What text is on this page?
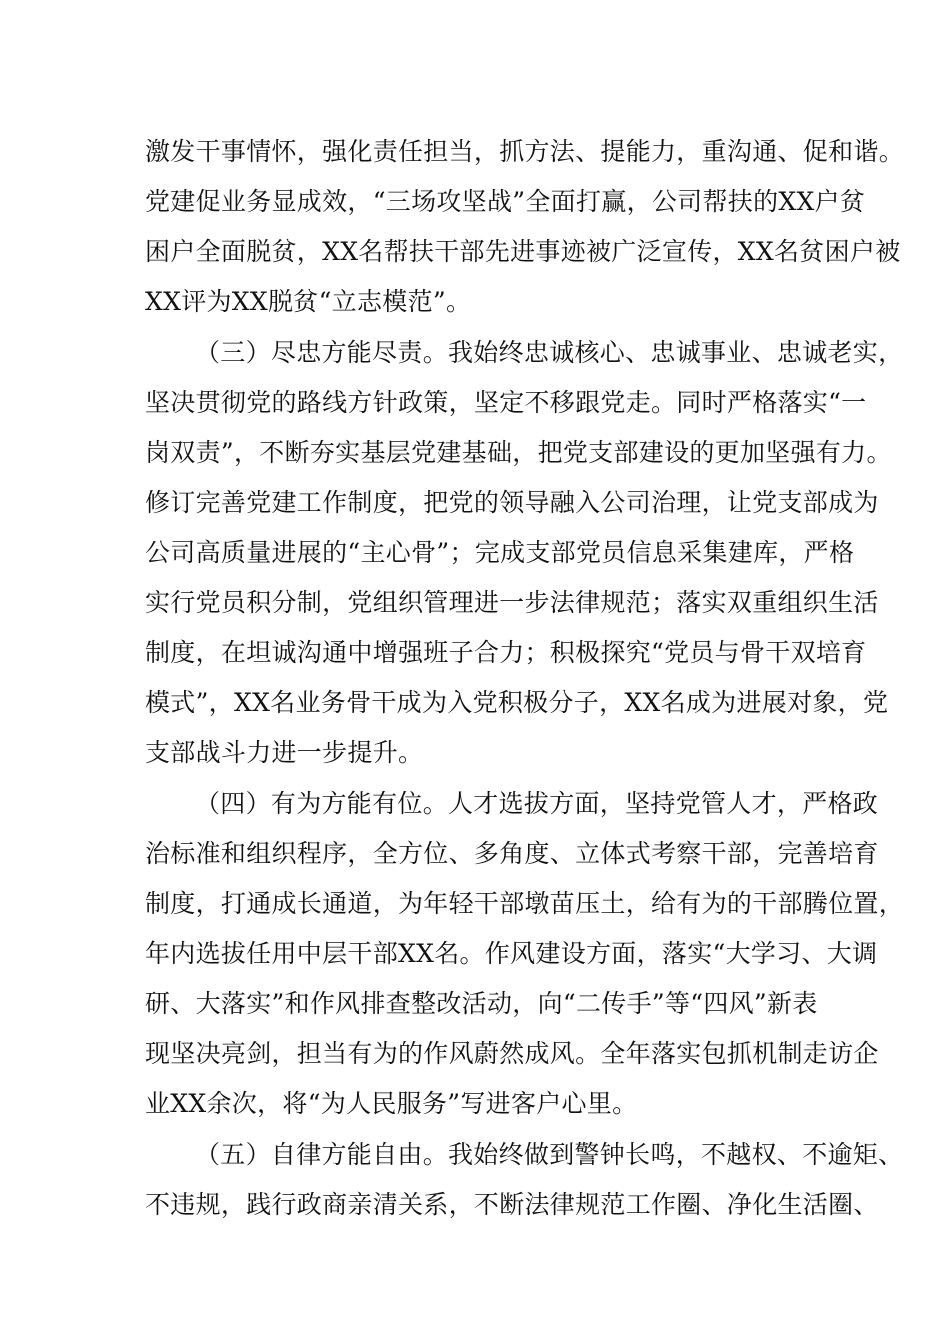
激发干事情怀，强化责任担当，抓方法、提能力，重沟通、促和谐。
党建促业务显成效，“三场攻坚战”全面打赢，公司帮扶的XX户贫
困户全面脱贫，XX名帮扶干部先进事迹被广泛宣传，XX名贫困户被
XX评为XX脱贫“立志模范”。
（三）尽忠方能尽责。我始终忠诚核心、忠诚事业、忠诚老实，
坚决贯彻党的路线方针政策，坚定不移跟党走。同时严格落实“一
岗双责”，不断夯实基层党建基础，把党支部建设的更加坚强有力。
修订完善党建工作制度，把党的领导融入公司治理，让党支部成为
公司高质量进展的“主心骨”；完成支部党员信息采集建库，严格
实行党员积分制，党组织管理进一步法律规范；落实双重组织生活
制度，在坦诚沟通中增强班子合力；积极探究“党员与骨干双培育
模式”，XX名业务骨干成为入党积极分子，XX名成为进展对象，党
支部战斗力进一步提升。
（四）有为方能有位。人才选拔方面，坚持党管人才，严格政
治标准和组织程序，全方位、多角度、立体式考察干部，完善培育
制度，打通成长通道，为年轻干部墩苗压土，给有为的干部腾位置，
年内选拔任用中层干部XX名。作风建设方面，落实“大学习、大调
研、大落实”和作风排查整改活动，向“二传手”等“四风”新表
现坚决亮剑，担当有为的作风蔚然成风。全年落实包抓机制走访企
业XX余次，将“为人民服务”写进客户心里。
（五）自律方能自由。我始终做到警钟长鸣，不越权、不逾矩、
不违规，践行政商亲清关系，不断法律规范工作圈、净化生活圈、
